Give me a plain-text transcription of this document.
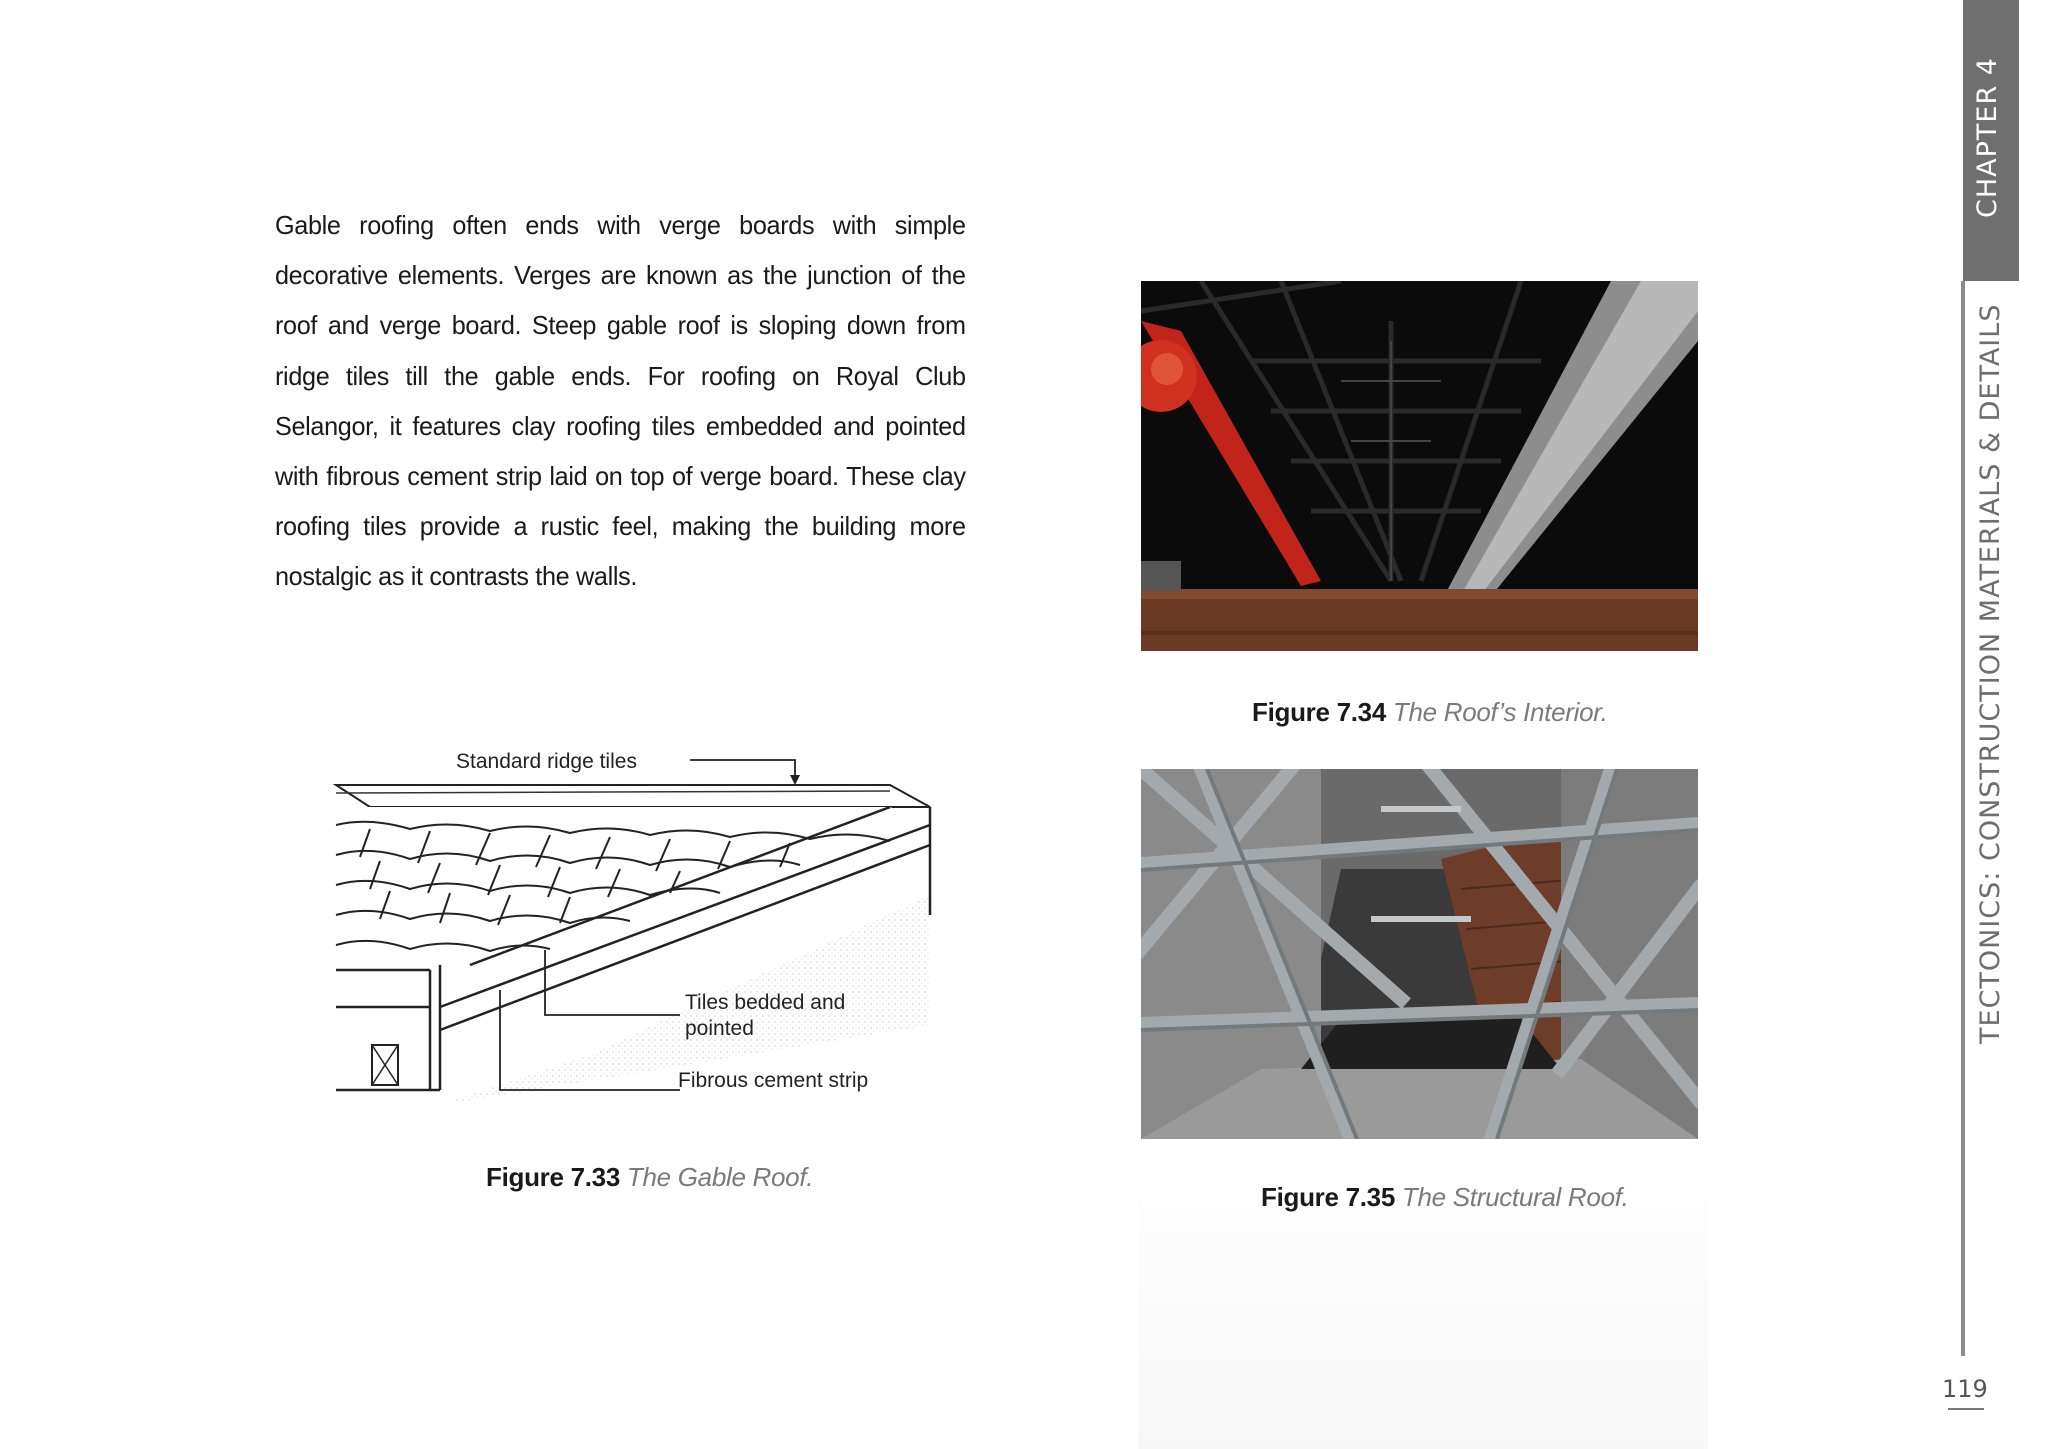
Gable roofing often ends with verge boards with simple decorative elements. Verges are known as the junction of the roof and verge board. Steep gable roof is sloping down from ridge tiles till the gable ends. For roofing on Royal Club Selangor, it features clay roofing tiles embedded and pointed with fibrous cement strip laid on top of verge board. These clay roofing tiles provide a rustic feel, making the building more nostalgic as it contrasts the walls.
Standard ridge tiles
Tiles bedded and
pointed
Fibrous cement strip
Figure 7.33 The Gable Roof.
Figure 7.34 The Roof’s Interior.
Figure 7.35 The Structural Roof.
CHAPTER 4
TECTONICS: CONSTRUCTION MATERIALS & DETAILS
119
